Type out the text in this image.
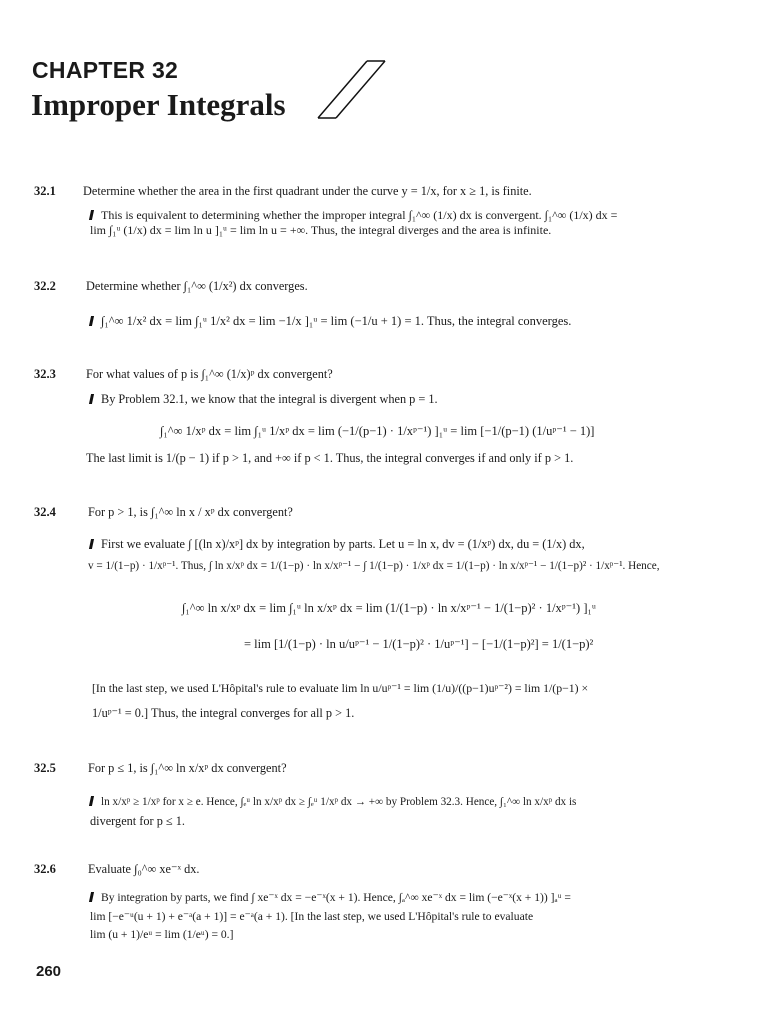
CHAPTER 32
Improper Integrals
32.1 Determine whether the area in the first quadrant under the curve y = 1/x, for x ≥ 1, is finite.
This is equivalent to determining whether the improper integral ∫₁^∞ (1/x) dx is convergent. ∫₁^∞ (1/x) dx =
lim ∫₁ᵘ (1/x) dx = lim ln u ]₁ᵘ = lim ln u = +∞. Thus, the integral diverges and the area is infinite.
32.2 Determine whether ∫₁^∞ (1/x²) dx converges.
∫₁^∞ 1/x² dx = lim ∫₁ᵘ 1/x² dx = lim −1/x ]₁ᵘ = lim (−1/u + 1) = 1. Thus, the integral converges.
32.3 For what values of p is ∫₁^∞ (1/x)ᵖ dx convergent?
By Problem 32.1, we know that the integral is divergent when p = 1.
∫₁^∞ 1/xᵖ dx = lim ∫₁ᵘ 1/xᵖ dx = lim (−1/(p−1) · 1/xᵖ⁻¹) ]₁ᵘ = lim [−1/(p−1) (1/uᵖ⁻¹ − 1)]
The last limit is 1/(p − 1) if p > 1, and +∞ if p < 1. Thus, the integral converges if and only if p > 1.
32.4	For p > 1, is ∫₁^∞ ln x / xᵖ dx convergent?
First we evaluate ∫ [(ln x)/xᵖ] dx by integration by parts. Let u = ln x, dv = (1/xᵖ) dx, du = (1/x) dx,
v = 1/(1−p) · 1/xᵖ⁻¹. Thus, ∫ ln x/xᵖ dx = 1/(1−p) · ln x/xᵖ⁻¹ − ∫ 1/(1−p) · 1/xᵖ dx = 1/(1−p) · ln x/xᵖ⁻¹ − 1/(1−p)² · 1/xᵖ⁻¹. Hence,
∫₁^∞ ln x/xᵖ dx = lim ∫₁ᵘ ln x/xᵖ dx = lim (1/(1−p) · ln x/xᵖ⁻¹ − 1/(1−p)² · 1/xᵖ⁻¹) ]₁ᵘ
= lim [1/(1−p) · ln u/uᵖ⁻¹ − 1/(1−p)² · 1/uᵖ⁻¹] − [−1/(1−p)²] = 1/(1−p)²
[In the last step, we used L'Hôpital's rule to evaluate lim ln u/uᵖ⁻¹ = lim (1/u)/((p−1)uᵖ⁻²) = lim 1/(p−1) ×
1/uᵖ⁻¹ = 0.] Thus, the integral converges for all p > 1.
32.5	For p ≤ 1, is ∫₁^∞ ln x/xᵖ dx convergent?
ln x/xᵖ ≥ 1/xᵖ for x ≥ e. Hence, ∫ₑᵘ ln x/xᵖ dx ≥ ∫ₑᵘ 1/xᵖ dx → +∞ by Problem 32.3. Hence, ∫₁^∞ ln x/xᵖ dx is
divergent for p ≤ 1.
32.6	Evaluate ∫₀^∞ xe⁻ˣ dx.
By integration by parts, we find ∫ xe⁻ˣ dx = −e⁻ˣ(x + 1). Hence, ∫ₐ^∞ xe⁻ˣ dx = lim (−e⁻ˣ(x + 1)) ]ₐᵘ =
lim [−e⁻ᵘ(u + 1) + e⁻ᵃ(a + 1)] = e⁻ᵃ(a + 1). [In the last step, we used L'Hôpital's rule to evaluate
lim (u + 1)/eᵘ = lim (1/eᵘ) = 0.]
260
